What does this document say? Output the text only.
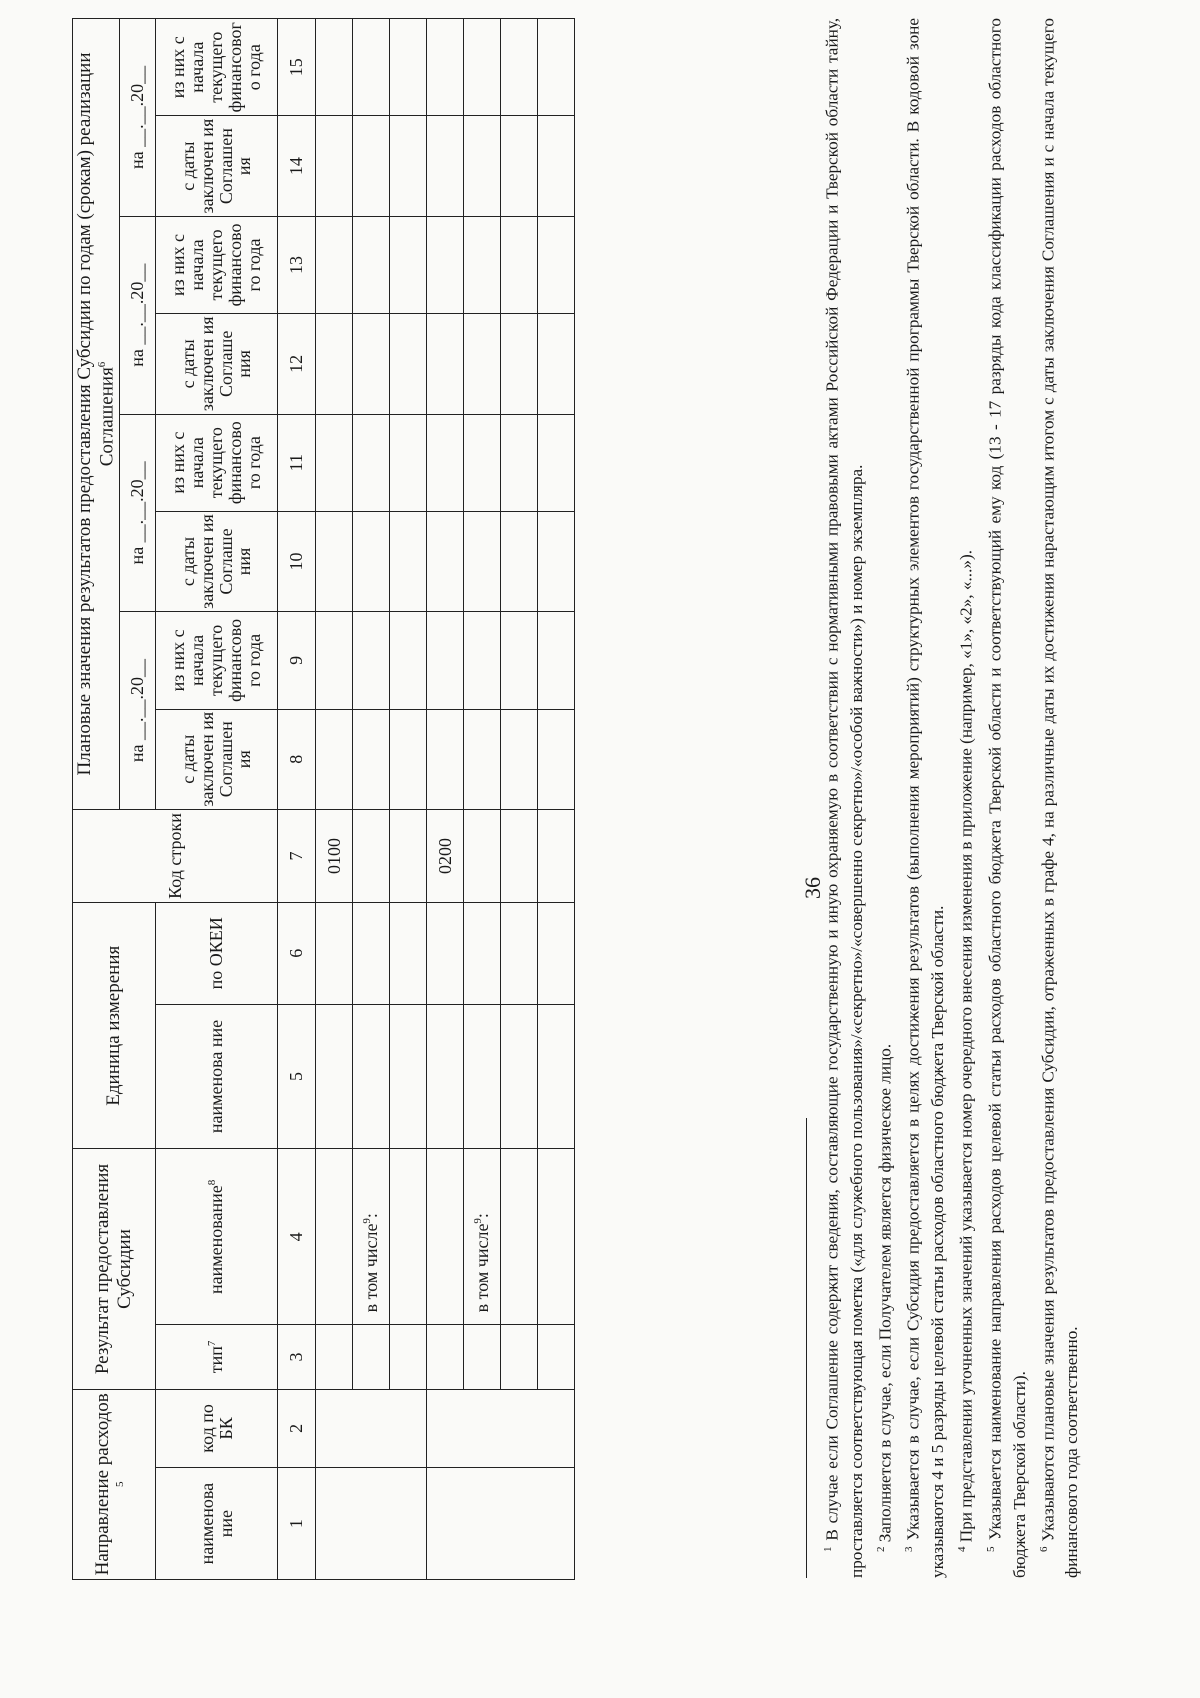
36
Направление расходов $^5$		Результат предоставления Субсидии		Единица измерения		Код строки	Плановые значения результатов предоставления Субсидии по годам (срокам) реализации Соглашения$^6$
							на __.__.20__		на __.__.20__		на __.__.20__		на __.__.20__	
наименова ние	код по БК	тип$^7$	наименование$^8$	наименова ние	по ОКЕИ		с даты заключен ия Соглашен ия	из них с начала текущего финансово го года	с даты заключен ия Соглаше ния	из них с начала текущего финансово го года	с даты заключен ия Соглаше ния	из них с начала текущего финансово го года	с даты заключен ия Соглашен ия	из них с начала текущего финансовог о года
1	2	3	4	5	6	7	8	9	10	11	12	13	14	15
						0100								
			в том числе$^9$:											

						0200								
			в том числе$^9$:											

$^1$ В случае если Соглашение содержит сведения, составляющие государственную и иную охраняемую в соответствии с нормативными правовыми актами Российской Федерации и Тверской области тайну, проставляется соответствующая пометка («для служебного пользования»/«секретно»/«совершенно секретно»/«особой важности») и номер экземпляра. $^2$ Заполняется в случае, если Получателем является физическое лицо.

$^3$ Указывается в случае, если Субсидия предоставляется в целях достижения результатов (выполнения мероприятий) структурных элементов государственной программы Тверской области. В кодовой зоне указываются 4 и 5 разряды целевой статьи расходов областного бюджета Тверской области. $^4$ При представлении уточненных значений указывается номер очередного внесения изменения в приложение (например, «1», «2», «...»).

$^5$ Указывается наименование направления расходов целевой статьи расходов областного бюджета Тверской области и соответствующий ему код (13 - 17 разряды кода классификации расходов областного бюджета Тверской области). $^6$ Указываются плановые значения результатов предоставления Субсидии, отраженных в графе 4, на различные даты их достижения нарастающим итогом с даты заключения Соглашения и с начала текущего финансового года соответственно.
